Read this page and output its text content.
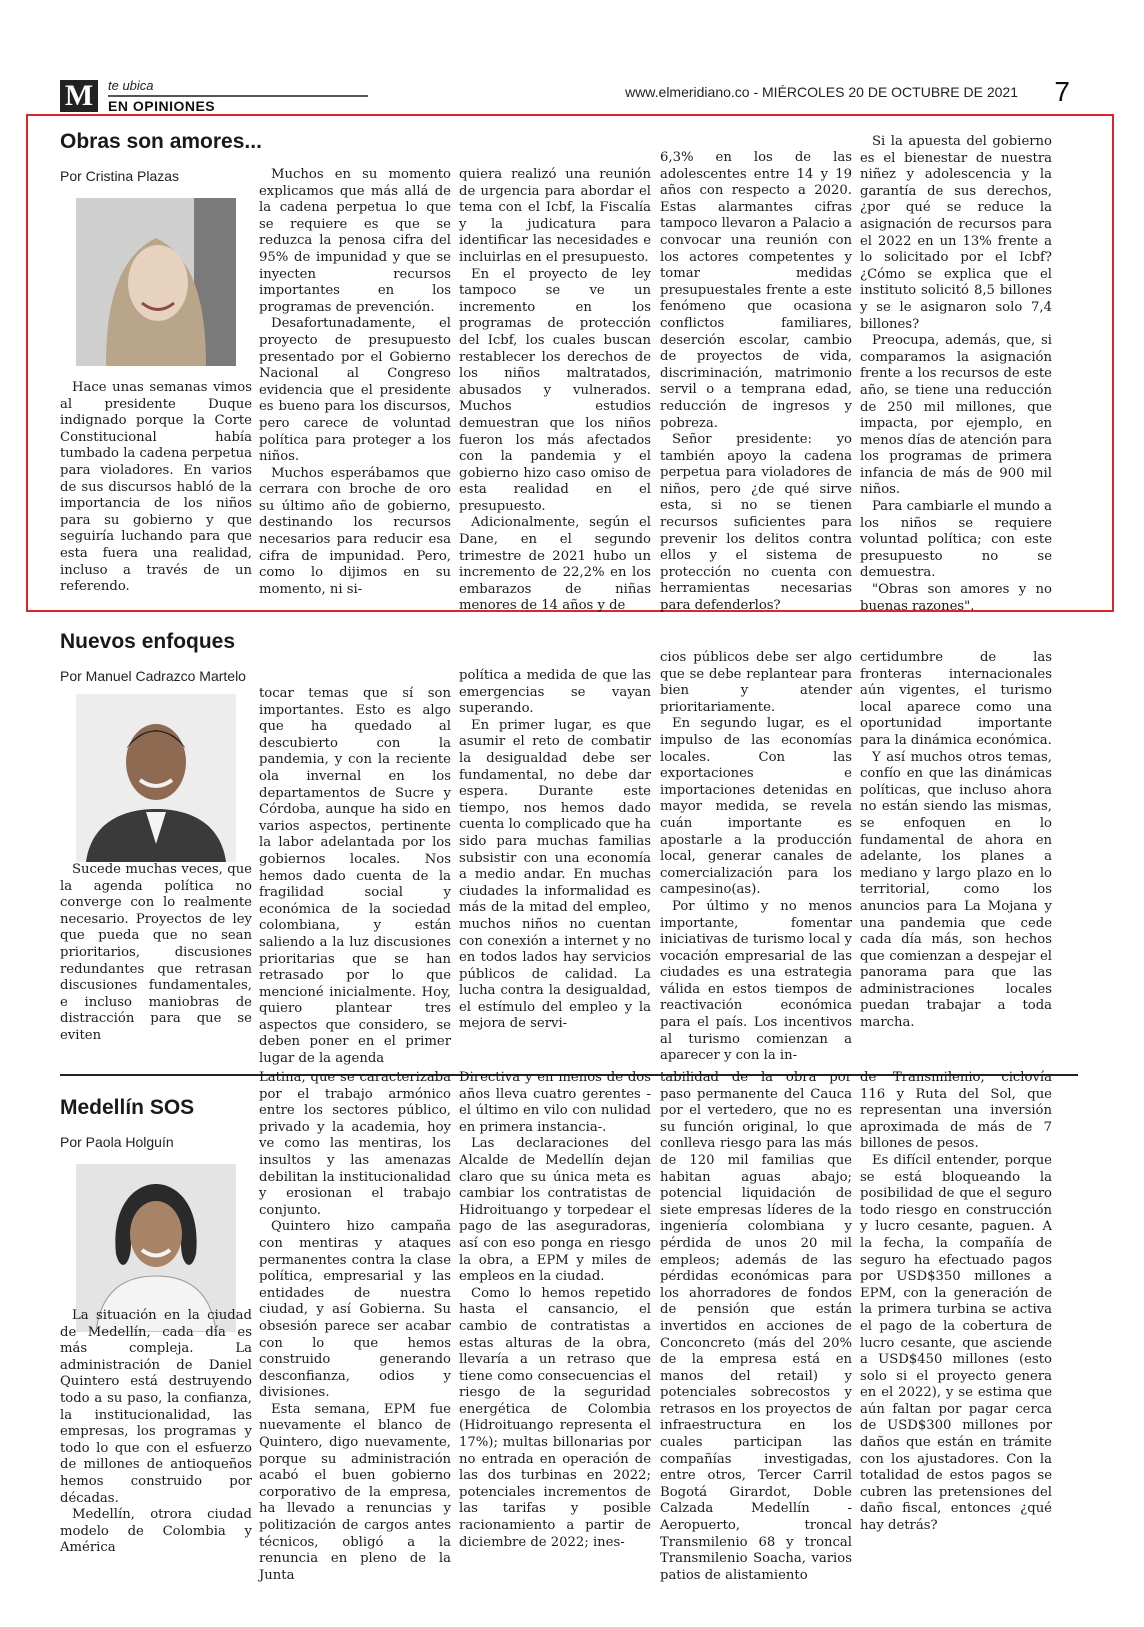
M	te ubica
EN OPINIONES
www.elmeridiano.co - MIÉRCOLES 20 DE OCTUBRE DE 2021 7
Obras son amores...
Por Cristina Plazas

Hace unas semanas vimos al presidente Duque indignado porque la Corte Constitucional había tumbado la cadena perpetua para violadores. En varios de sus discursos habló de la importancia de los niños para su gobierno y que seguiría luchando para que esta fuera una realidad, incluso a través de un referendo.

Muchos en su momento explicamos que más allá de la cadena perpetua lo que se requiere es que se reduzca la penosa cifra del 95% de impunidad y que se inyecten recursos importantes en los programas de prevención.

Desafortunadamente, el proyecto de presupuesto presentado por el Gobierno Nacional al Congreso evidencia que el presidente es bueno para los discursos, pero carece de voluntad política para proteger a los niños.

Muchos esperábamos que cerrara con broche de oro su último año de gobierno, destinando los recursos necesarios para reducir esa cifra de impunidad. Pero, como lo dijimos en su momento, ni si-

quiera realizó una reunión de urgencia para abordar el tema con el Icbf, la Fiscalía y la judicatura para identificar las necesidades e incluirlas en el presupuesto.

En el proyecto de ley tampoco se ve un incremento en los programas de protección del Icbf, los cuales buscan restablecer los derechos de los niños maltratados, abusados y vulnerados. Muchos estudios demuestran que los niños fueron los más afectados con la pandemia y el gobierno hizo caso omiso de esta realidad en el presupuesto.

Adicionalmente, según el Dane, en el segundo trimestre de 2021 hubo un incremento de 22,2% en los embarazos de niñas menores de 14 años y de

6,3% en los de las adolescentes entre 14 y 19 años con respecto a 2020. Estas alarmantes cifras tampoco llevaron a Palacio a convocar una reunión con los actores competentes y tomar medidas presupuestales frente a este fenómeno que ocasiona conflictos familiares, deserción escolar, cambio de proyectos de vida, discriminación, matrimonio servil o a temprana edad, reducción de ingresos y pobreza.

Señor presidente: yo también apoyo la cadena perpetua para violadores de niños, pero ¿de qué sirve esta, si no se tienen recursos suficientes para prevenir los delitos contra ellos y el sistema de protección no cuenta con herramientas necesarias para defenderlos?

Si la apuesta del gobierno es el bienestar de nuestra niñez y adolescencia y la garantía de sus derechos, ¿por qué se reduce la asignación de recursos para el 2022 en un 13% frente a lo solicitado por el Icbf? ¿Cómo se explica que el instituto solicitó 8,5 billones y se le asignaron solo 7,4 billones?

Preocupa, además, que, si comparamos la asignación frente a los recursos de este año, se tiene una reducción de 250 mil millones, que impacta, por ejemplo, en menos días de atención para los programas de primera infancia de más de 900 mil niños.

Para cambiarle el mundo a los niños se requiere voluntad política; con este presupuesto no se demuestra.

"Obras son amores y no buenas razones".

Nuevos enfoques
Por Manuel Cadrazco Martelo

Sucede muchas veces, que la agenda política no converge con lo realmente necesario. Proyectos de ley que pueda que no sean prioritarios, discusiones redundantes que retrasan discusiones fundamentales, e incluso maniobras de distracción para que se eviten

tocar temas que sí son importantes. Esto es algo que ha quedado al descubierto con la pandemia, y con la reciente ola invernal en los departamentos de Sucre y Córdoba, aunque ha sido en varios aspectos, pertinente la labor adelantada por los gobiernos locales. Nos hemos dado cuenta de la fragilidad social y económica de la sociedad colombiana, y están saliendo a la luz discusiones prioritarias que se han retrasado por lo que mencioné inicialmente. Hoy, quiero plantear tres aspectos que considero, se deben poner en el primer lugar de la agenda

política a medida de que las emergencias se vayan superando.

En primer lugar, es que asumir el reto de combatir la desigualdad debe ser fundamental, no debe dar espera. Durante este tiempo, nos hemos dado cuenta lo complicado que ha sido para muchas familias subsistir con una economía a medio andar. En muchas ciudades la informalidad es más de la mitad del empleo, muchos niños no cuentan con conexión a internet y no en todos lados hay servicios públicos de calidad. La lucha contra la desigualdad, el estímulo del empleo y la mejora de servi-

cios públicos debe ser algo que se debe replantear para bien y atender prioritariamente.

En segundo lugar, es el impulso de las economías locales. Con las exportaciones e importaciones detenidas en mayor medida, se revela cuán importante es apostarle a la producción local, generar canales de comercialización para los campesino(as).

Por último y no menos importante, fomentar iniciativas de turismo local y vocación empresarial de las ciudades es una estrategia válida en estos tiempos de reactivación económica para el país. Los incentivos al turismo comienzan a aparecer y con la in-

certidumbre de las fronteras internacionales aún vigentes, el turismo local aparece como una oportunidad importante para la dinámica económica.

Y así muchos otros temas, confío en que las dinámicas políticas, que incluso ahora no están siendo las mismas, se enfoquen en lo fundamental de ahora en adelante, los planes a mediano y largo plazo en lo territorial, como los anuncios para La Mojana y una pandemia que cede cada día más, son hechos que comienzan a despejar el panorama para que las administraciones locales puedan trabajar a toda marcha.

Medellín SOS
Por Paola Holguín

La situación en la ciudad de Medellín, cada día es más compleja. La administración de Daniel Quintero está destruyendo todo a su paso, la confianza, la institucionalidad, las empresas, los programas y todo lo que con el esfuerzo de millones de antioqueños hemos construido por décadas.

Medellín, otrora ciudad modelo de Colombia y América

Latina, que se caracterizaba por el trabajo armónico entre los sectores público, privado y la academia, hoy ve como las mentiras, los insultos y las amenazas debilitan la institucionalidad y erosionan el trabajo conjunto.

Quintero hizo campaña con mentiras y ataques permanentes contra la clase política, empresarial y las entidades de nuestra ciudad, y así Gobierna. Su obsesión parece ser acabar con lo que hemos construido generando desconfianza, odios y divisiones.

Esta semana, EPM fue nuevamente el blanco de Quintero, digo nuevamente, porque su administración acabó el buen gobierno corporativo de la empresa, ha llevado a renuncias y politización de cargos antes técnicos, obligó a la renuncia en pleno de la Junta

Directiva y en menos de dos años lleva cuatro gerentes -el último en vilo con nulidad en primera instancia-.

Las declaraciones del Alcalde de Medellín dejan claro que su única meta es cambiar los contratistas de Hidroituango y torpedear el pago de las aseguradoras, así con eso ponga en riesgo la obra, a EPM y miles de empleos en la ciudad.

Como lo hemos repetido hasta el cansancio, el cambio de contratistas a estas alturas de la obra, llevaría a un retraso que tiene como consecuencias el riesgo de la seguridad energética de Colombia (Hidroituango representa el 17%); multas billonarias por no entrada en operación de las dos turbinas en 2022; potenciales incrementos de las tarifas y posible racionamiento a partir de diciembre de 2022; ines-

tabilidad de la obra por paso permanente del Cauca por el vertedero, que no es su función original, lo que conlleva riesgo para las más de 120 mil familias que habitan aguas abajo; potencial liquidación de siete empresas líderes de la ingeniería colombiana y pérdida de unos 20 mil empleos; además de las pérdidas económicas para los ahorradores de fondos de pensión que están invertidos en acciones de Conconcreto (más del 20% de la empresa está en manos del retail) y potenciales sobrecostos y retrasos en los proyectos de infraestructura en los cuales participan las compañías investigadas, entre otros, Tercer Carril Bogotá Girardot, Doble Calzada Medellín - Aeropuerto, troncal Transmilenio 68 y troncal Transmilenio Soacha, varios patios de alistamiento

de Transmilenio, ciclovía 116 y Ruta del Sol, que representan una inversión aproximada de más de 7 billones de pesos.

Es difícil entender, porque se está bloqueando la posibilidad de que el seguro todo riesgo en construcción y lucro cesante, paguen. A la fecha, la compañía de seguro ha efectuado pagos por USD$350 millones a EPM, con la generación de la primera turbina se activa el pago de la cobertura de lucro cesante, que asciende a USD$450 millones (esto solo si el proyecto genera en el 2022), y se estima que aún faltan por pagar cerca de USD$300 millones por daños que están en trámite con los ajustadores. Con la totalidad de estos pagos se cubren las pretensiones del daño fiscal, entonces ¿qué hay detrás?
